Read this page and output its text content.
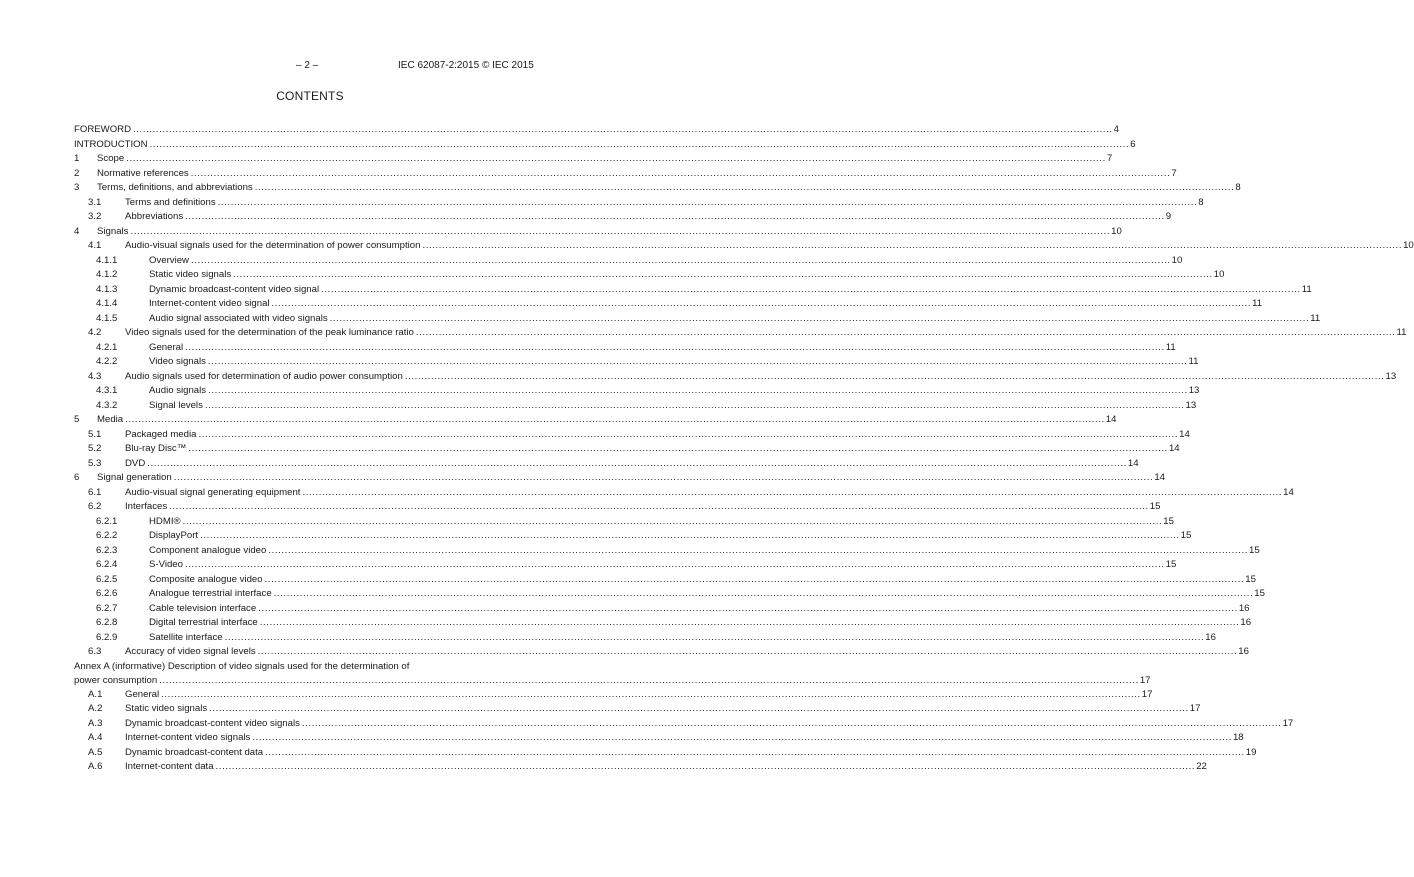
– 2 –	IEC 62087-2:2015 © IEC 2015
CONTENTS
FOREWORD ............................................................................................................................................................................................................................................................................................................ 4
INTRODUCTION ............................................................................................................................................................................................................................................................................................................ 6
1	Scope ............................................................................................................................................................................................................................................................................................................ 7
2	Normative references ............................................................................................................................................................................................................................................................................................................ 7
3	Terms, definitions, and abbreviations ............................................................................................................................................................................................................................................................................................................ 8
3.1	Terms and definitions ............................................................................................................................................................................................................................................................................................................ 8
3.2	Abbreviations ............................................................................................................................................................................................................................................................................................................ 9
4	Signals ............................................................................................................................................................................................................................................................................................................ 10
4.1	Audio-visual signals used for the determination of power consumption ............................................................................................................................................................................................................................................................................................................ 10
4.1.1	Overview ............................................................................................................................................................................................................................................................................................................ 10
4.1.2	Static video signals ............................................................................................................................................................................................................................................................................................................ 10
4.1.3	Dynamic broadcast-content video signal ............................................................................................................................................................................................................................................................................................................ 11
4.1.4	Internet-content video signal ............................................................................................................................................................................................................................................................................................................ 11
4.1.5	Audio signal associated with video signals ............................................................................................................................................................................................................................................................................................................ 11
4.2	Video signals used for the determination of the peak luminance ratio ............................................................................................................................................................................................................................................................................................................ 11
4.2.1	General ............................................................................................................................................................................................................................................................................................................ 11
4.2.2	Video signals ............................................................................................................................................................................................................................................................................................................ 11
4.3	Audio signals used for determination of audio power consumption ............................................................................................................................................................................................................................................................................................................ 13
4.3.1	Audio signals ............................................................................................................................................................................................................................................................................................................ 13
4.3.2	Signal levels ............................................................................................................................................................................................................................................................................................................ 13
5	Media ............................................................................................................................................................................................................................................................................................................ 14
5.1	Packaged media ............................................................................................................................................................................................................................................................................................................ 14
5.2	Blu-ray Disc™ ............................................................................................................................................................................................................................................................................................................ 14
5.3	DVD ............................................................................................................................................................................................................................................................................................................ 14
6	Signal generation ............................................................................................................................................................................................................................................................................................................ 14
6.1	Audio-visual signal generating equipment ............................................................................................................................................................................................................................................................................................................ 14
6.2	Interfaces ............................................................................................................................................................................................................................................................................................................ 15
6.2.1	HDMI® ............................................................................................................................................................................................................................................................................................................ 15
6.2.2	DisplayPort ............................................................................................................................................................................................................................................................................................................ 15
6.2.3	Component analogue video ............................................................................................................................................................................................................................................................................................................ 15
6.2.4	S-Video ............................................................................................................................................................................................................................................................................................................ 15
6.2.5	Composite analogue video ............................................................................................................................................................................................................................................................................................................ 15
6.2.6	Analogue terrestrial interface ............................................................................................................................................................................................................................................................................................................ 15
6.2.7	Cable television interface ............................................................................................................................................................................................................................................................................................................ 16
6.2.8	Digital terrestrial interface ............................................................................................................................................................................................................................................................................................................ 16
6.2.9	Satellite interface ............................................................................................................................................................................................................................................................................................................ 16
6.3	Accuracy of video signal levels ............................................................................................................................................................................................................................................................................................................ 16
Annex A (informative) Description of video signals used for the determination of
power consumption ............................................................................................................................................................................................................................................................................................................ 17
A.1	General ............................................................................................................................................................................................................................................................................................................ 17
A.2	Static video signals ............................................................................................................................................................................................................................................................................................................ 17
A.3	Dynamic broadcast-content video signals ............................................................................................................................................................................................................................................................................................................ 17
A.4	Internet-content video signals ............................................................................................................................................................................................................................................................................................................ 18
A.5	Dynamic broadcast-content data ............................................................................................................................................................................................................................................................................................................ 19
A.6	Internet-content data ............................................................................................................................................................................................................................................................................................................ 22
